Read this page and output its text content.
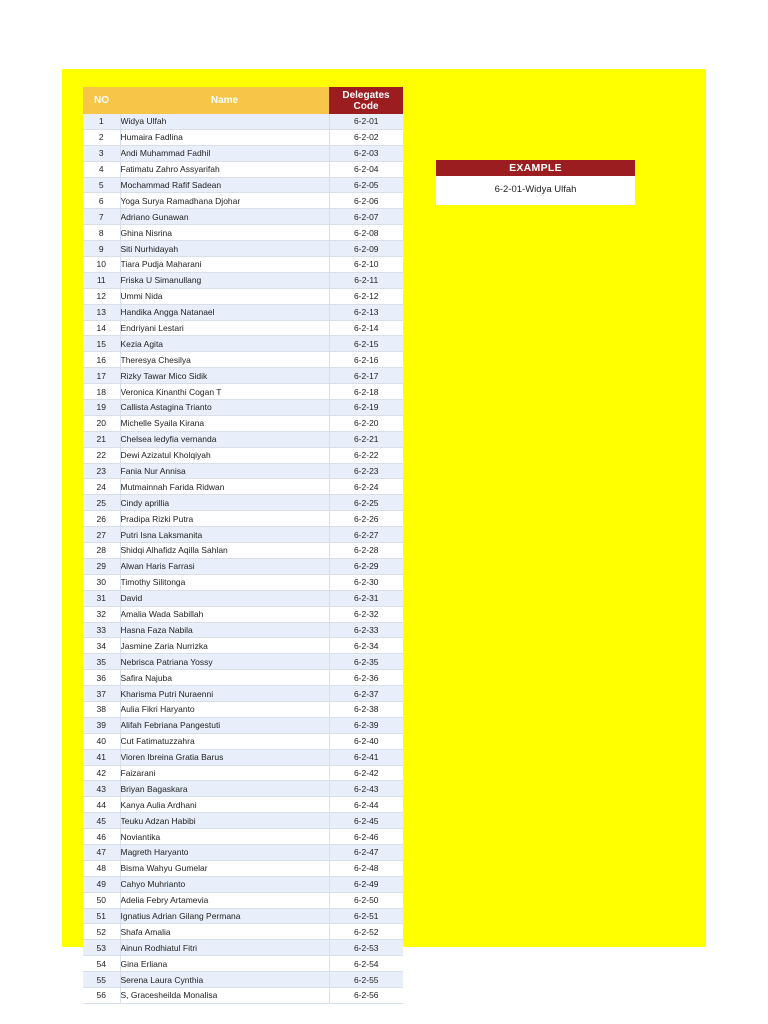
NO	Name	Delegates Code
1	Widya Ulfah	6-2-01
2	Humaira Fadlina	6-2-02
3	Andi Muhammad Fadhil	6-2-03
4	Fatimatu Zahro Assyarifah	6-2-04
5	Mochammad Rafif Sadean	6-2-05
6	Yoga Surya Ramadhana Djohar	6-2-06
7	Adriano Gunawan	6-2-07
8	Ghina Nisrina	6-2-08
9	Siti Nurhidayah	6-2-09
10	Tiara Pudja Maharani	6-2-10
11	Friska U Simanullang	6-2-11
12	Ummi Nida	6-2-12
13	Handika Angga Natanael	6-2-13
14	Endriyani Lestari	6-2-14
15	Kezia Agita	6-2-15
16	Theresya Chesilya	6-2-16
17	Rizky Tawar Mico Sidik	6-2-17
18	Veronica Kinanthi Cogan T	6-2-18
19	Callista Astagina Trianto	6-2-19
20	Michelle Syaila Kirana	6-2-20
21	Chelsea ledyfia vernanda	6-2-21
22	Dewi Azizatul Kholqiyah	6-2-22
23	Fania Nur Annisa	6-2-23
24	Mutmainnah Farida Ridwan	6-2-24
25	Cindy aprillia	6-2-25
26	Pradipa Rizki Putra	6-2-26
27	Putri Isna Laksmanita	6-2-27
28	Shidqi Alhafidz Aqilla Sahlan	6-2-28
29	Alwan Haris Farrasi	6-2-29
30	Timothy Silitonga	6-2-30
31	David	6-2-31
32	Amalia Wada Sabillah	6-2-32
33	Hasna Faza Nabila	6-2-33
34	Jasmine Zaria Nurrizka	6-2-34
35	Nebrisca Patriana Yossy	6-2-35
36	Safira Najuba	6-2-36
37	Kharisma Putri Nuraenni	6-2-37
38	Aulia Fikri Haryanto	6-2-38
39	Alifah Febriana Pangestuti	6-2-39
40	Cut Fatimatuzzahra	6-2-40
41	Vioren Ibreina Gratia Barus	6-2-41
42	Faizarani	6-2-42
43	Briyan Bagaskara	6-2-43
44	Kanya Aulia Ardhani	6-2-44
45	Teuku Adzan Habibi	6-2-45
46	Noviantika	6-2-46
47	Magreth Haryanto	6-2-47
48	Bisma Wahyu Gumelar	6-2-48
49	Cahyo Muhrianto	6-2-49
50	Adelia Febry Artamevia	6-2-50
51	Ignatius Adrian Gilang Permana	6-2-51
52	Shafa Amalia	6-2-52
53	Ainun Rodhiatul Fitri	6-2-53
54	Gina Erliana	6-2-54
55	Serena Laura Cynthia	6-2-55
56	S, Gracesheilda Monalisa	6-2-56
EXAMPLE
6-2-01-Widya Ulfah
